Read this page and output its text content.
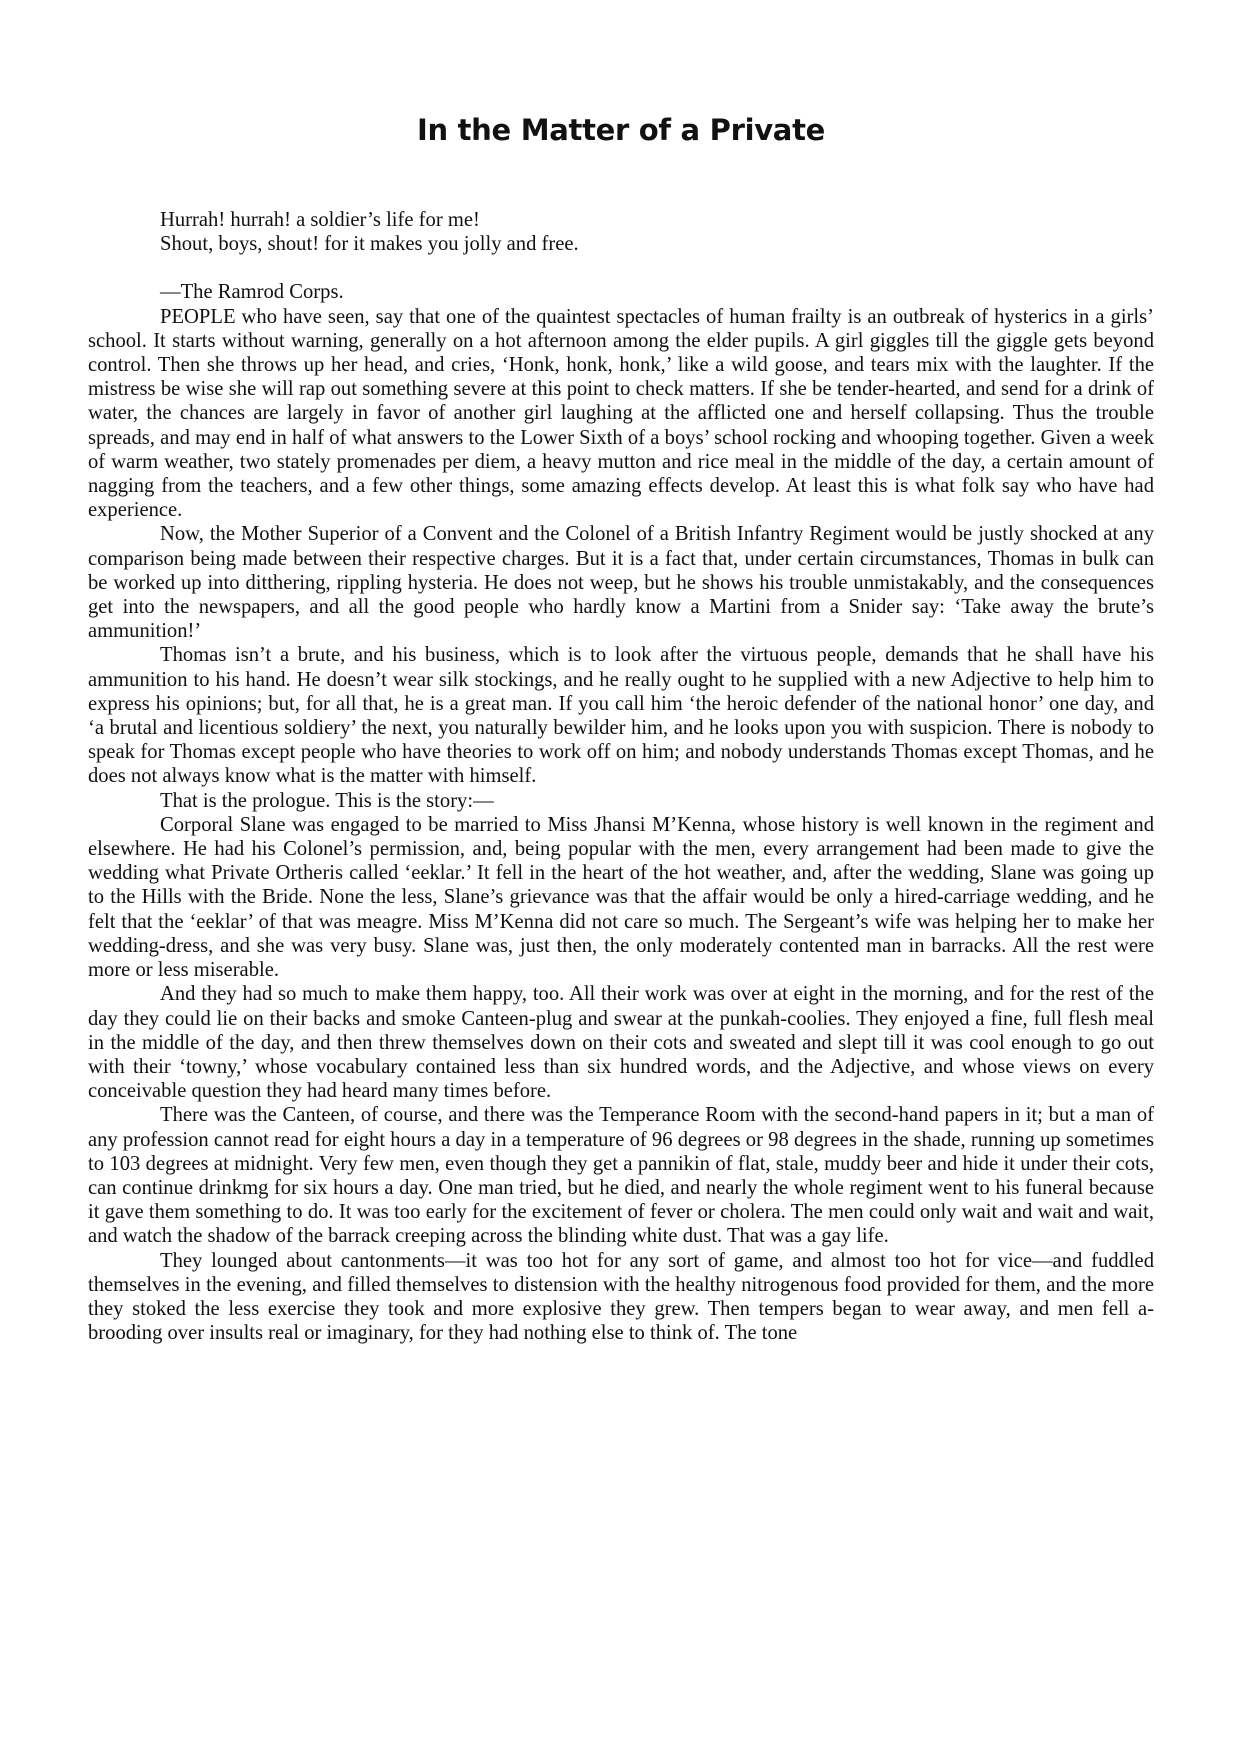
In the Matter of a Private
Hurrah! hurrah! a soldier’s life for me!
Shout, boys, shout! for it makes you jolly and free.
—The Ramrod Corps.

PEOPLE who have seen, say that one of the quaintest spectacles of human frailty is an outbreak of hysterics in a girls’ school. It starts without warning, generally on a hot afternoon among the elder pupils. A girl giggles till the giggle gets beyond control. Then she throws up her head, and cries, ‘Honk, honk, honk,’ like a wild goose, and tears mix with the laughter. If the mistress be wise she will rap out something severe at this point to check matters. If she be tender-hearted, and send for a drink of water, the chances are largely in favor of another girl laughing at the afflicted one and herself collapsing. Thus the trouble spreads, and may end in half of what answers to the Lower Sixth of a boys’ school rocking and whooping together. Given a week of warm weather, two stately promenades per diem, a heavy mutton and rice meal in the middle of the day, a certain amount of nagging from the teachers, and a few other things, some amazing effects develop. At least this is what folk say who have had experience.

Now, the Mother Superior of a Convent and the Colonel of a British Infantry Regiment would be justly shocked at any comparison being made between their respective charges. But it is a fact that, under certain circumstances, Thomas in bulk can be worked up into ditthering, rippling hysteria. He does not weep, but he shows his trouble unmistakably, and the consequences get into the newspapers, and all the good people who hardly know a Martini from a Snider say: ‘Take away the brute’s ammunition!’

Thomas isn’t a brute, and his business, which is to look after the virtuous people, demands that he shall have his ammunition to his hand. He doesn’t wear silk stockings, and he really ought to he supplied with a new Adjective to help him to express his opinions; but, for all that, he is a great man. If you call him ‘the heroic defender of the national honor’ one day, and ‘a brutal and licentious soldiery’ the next, you naturally bewilder him, and he looks upon you with suspicion. There is nobody to speak for Thomas except people who have theories to work off on him; and nobody understands Thomas except Thomas, and he does not always know what is the matter with himself.

That is the prologue. This is the story:—

Corporal Slane was engaged to be married to Miss Jhansi M’Kenna, whose history is well known in the regiment and elsewhere. He had his Colonel’s permission, and, being popular with the men, every arrangement had been made to give the wedding what Private Ortheris called ‘eeklar.’ It fell in the heart of the hot weather, and, after the wedding, Slane was going up to the Hills with the Bride. None the less, Slane’s grievance was that the affair would be only a hired-carriage wedding, and he felt that the ‘eeklar’ of that was meagre. Miss M’Kenna did not care so much. The Sergeant’s wife was helping her to make her wedding-dress, and she was very busy. Slane was, just then, the only moderately contented man in barracks. All the rest were more or less miserable.

And they had so much to make them happy, too. All their work was over at eight in the morning, and for the rest of the day they could lie on their backs and smoke Canteen-plug and swear at the punkah-coolies. They enjoyed a fine, full flesh meal in the middle of the day, and then threw themselves down on their cots and sweated and slept till it was cool enough to go out with their ‘towny,’ whose vocabulary contained less than six hundred words, and the Adjective, and whose views on every conceivable question they had heard many times before.

There was the Canteen, of course, and there was the Temperance Room with the second-hand papers in it; but a man of any profession cannot read for eight hours a day in a temperature of 96 degrees or 98 degrees in the shade, running up sometimes to 103 degrees at midnight. Very few men, even though they get a pannikin of flat, stale, muddy beer and hide it under their cots, can continue drinkmg for six hours a day. One man tried, but he died, and nearly the whole regiment went to his funeral because it gave them something to do. It was too early for the excitement of fever or cholera. The men could only wait and wait and wait, and watch the shadow of the barrack creeping across the blinding white dust. That was a gay life.

They lounged about cantonments—it was too hot for any sort of game, and almost too hot for vice—and fuddled themselves in the evening, and filled themselves to distension with the healthy nitrogenous food provided for them, and the more they stoked the less exercise they took and more explosive they grew. Then tempers began to wear away, and men fell a-brooding over insults real or imaginary, for they had nothing else to think of. The tone
